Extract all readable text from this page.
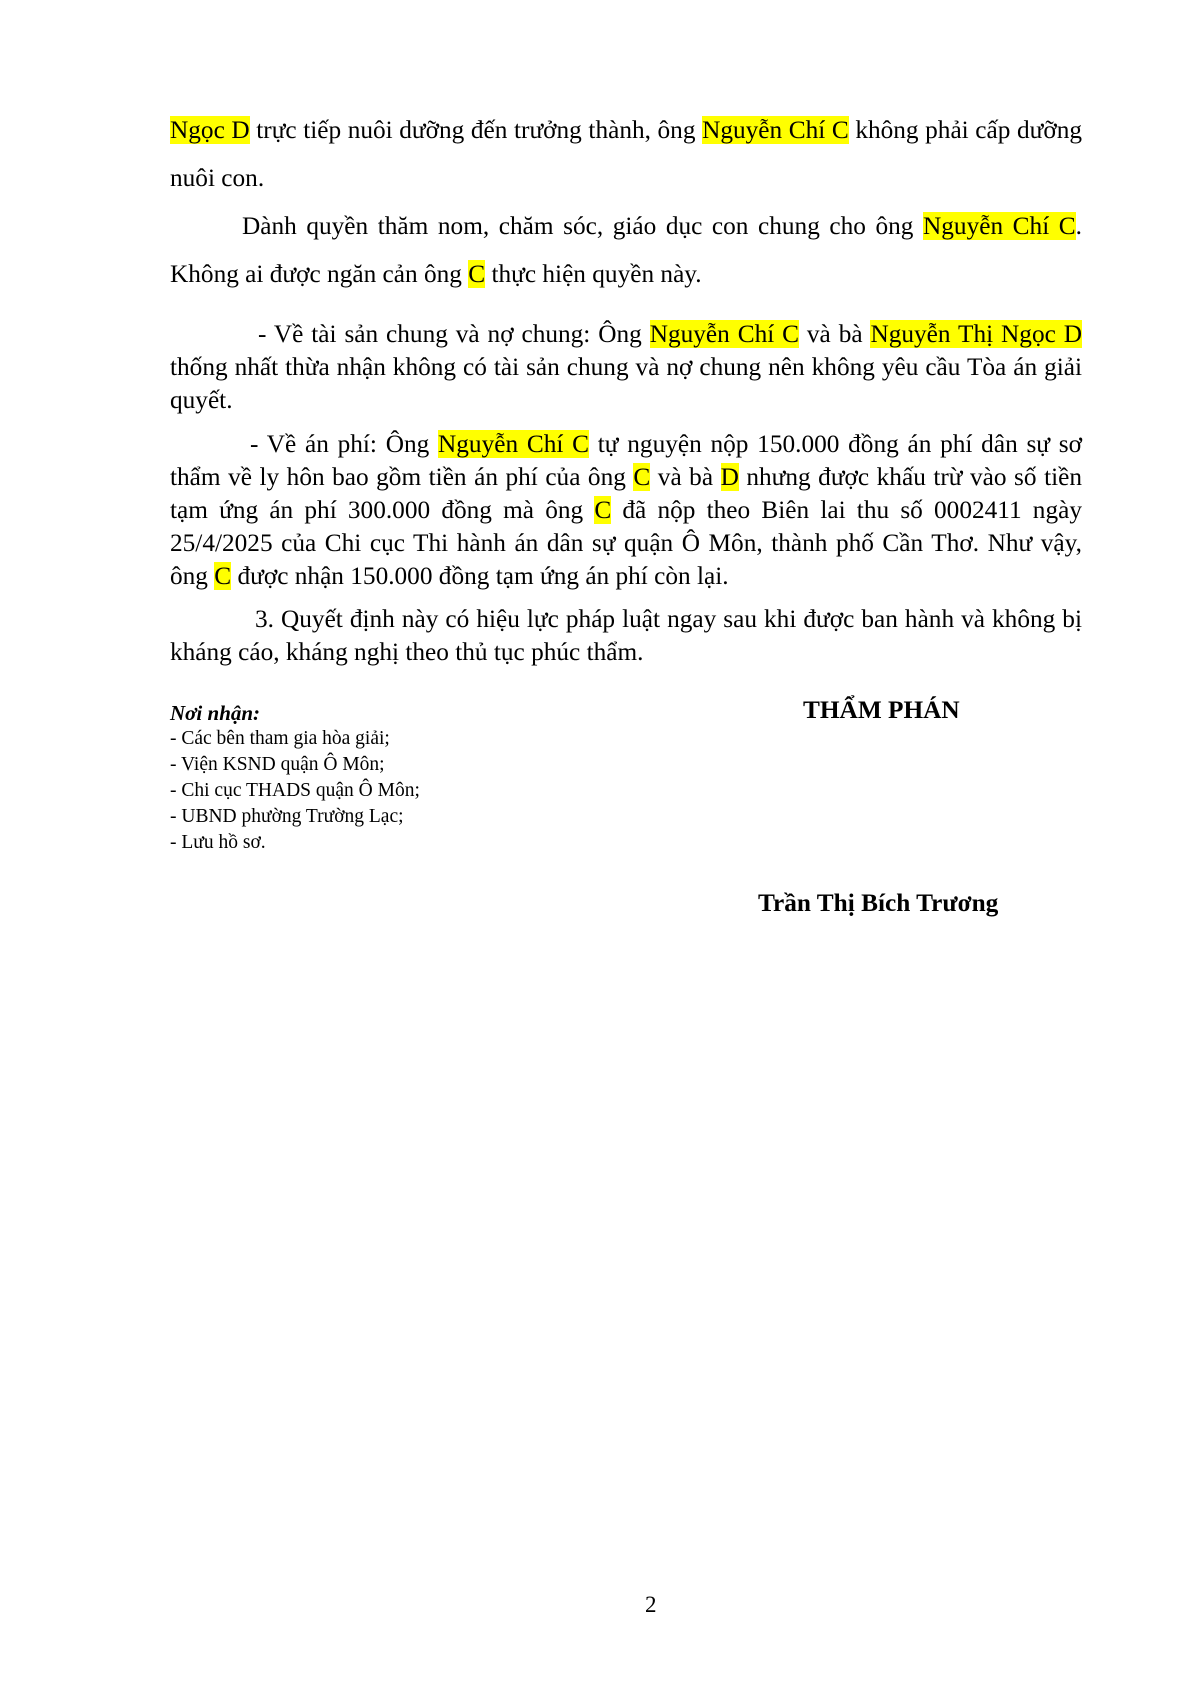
Ngọc D trực tiếp nuôi dưỡng đến trưởng thành, ông Nguyễn Chí C không phải cấp dưỡng nuôi con.

Dành quyền thăm nom, chăm sóc, giáo dục con chung cho ông Nguyễn Chí C. Không ai được ngăn cản ông C thực hiện quyền này.

- Về tài sản chung và nợ chung: Ông Nguyễn Chí C và bà Nguyễn Thị Ngọc D thống nhất thừa nhận không có tài sản chung và nợ chung nên không yêu cầu Tòa án giải quyết.

- Về án phí: Ông Nguyễn Chí C tự nguyện nộp 150.000 đồng án phí dân sự sơ thẩm về ly hôn bao gồm tiền án phí của ông C và bà D nhưng được khấu trừ vào số tiền tạm ứng án phí 300.000 đồng mà ông C đã nộp theo Biên lai thu số 0002411 ngày 25/4/2025 của Chi cục Thi hành án dân sự quận Ô Môn, thành phố Cần Thơ. Như vậy, ông C được nhận 150.000 đồng tạm ứng án phí còn lại.

3. Quyết định này có hiệu lực pháp luật ngay sau khi được ban hành và không bị kháng cáo, kháng nghị theo thủ tục phúc thẩm.

Nơi nhận:
- Các bên tham gia hòa giải;
- Viện KSND quận Ô Môn;
- Chi cục THADS quận Ô Môn;
- UBND phường Trường Lạc;
- Lưu hồ sơ.
THẨM PHÁN
Trần Thị Bích Trương
2
